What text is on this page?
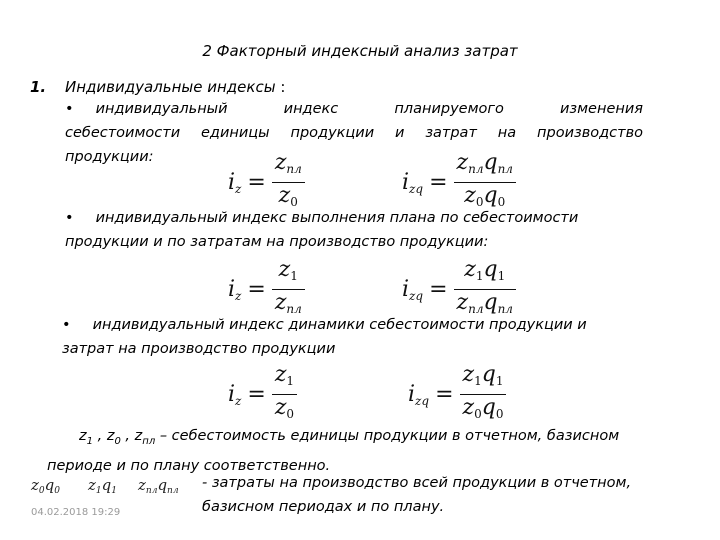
2 Факторный индексный анализ затрат
1. Индивидуальные индексы :
• индивидуальный индекс планируемого изменения
себестоимости единицы продукции и затрат на производство
продукции:
$i_z = \frac{z_{пл}}{z_0}$	$i_{zq} = \frac{z_{пл}q_{пл}}{z_0q_0}$
• индивидуальный индекс выполнения плана по себестоимости
продукции и по затратам на производство продукции:
$i_z = \frac{z_1}{z_{пл}}$	$i_{zq} = \frac{z_1q_1}{z_{пл}q_{пл}}$
• индивидуальный индекс динамики себестоимости продукции и
затрат на производство продукции
$i_z = \frac{z_1}{z_0}$	$i_{zq} = \frac{z_1q_1}{z_0q_0}$
$z_1$ , $z_0$ , $z_{пл}$ – себестоимость единицы продукции в отчетном, базисном
периоде и по плану соответственно.
$z_0q_0$ $z_1q_1$ $z_{пл}q_{пл}$ - затраты на производство всей продукции в отчетном,
базисном периодах и по плану.
04.02.2018 19:29
